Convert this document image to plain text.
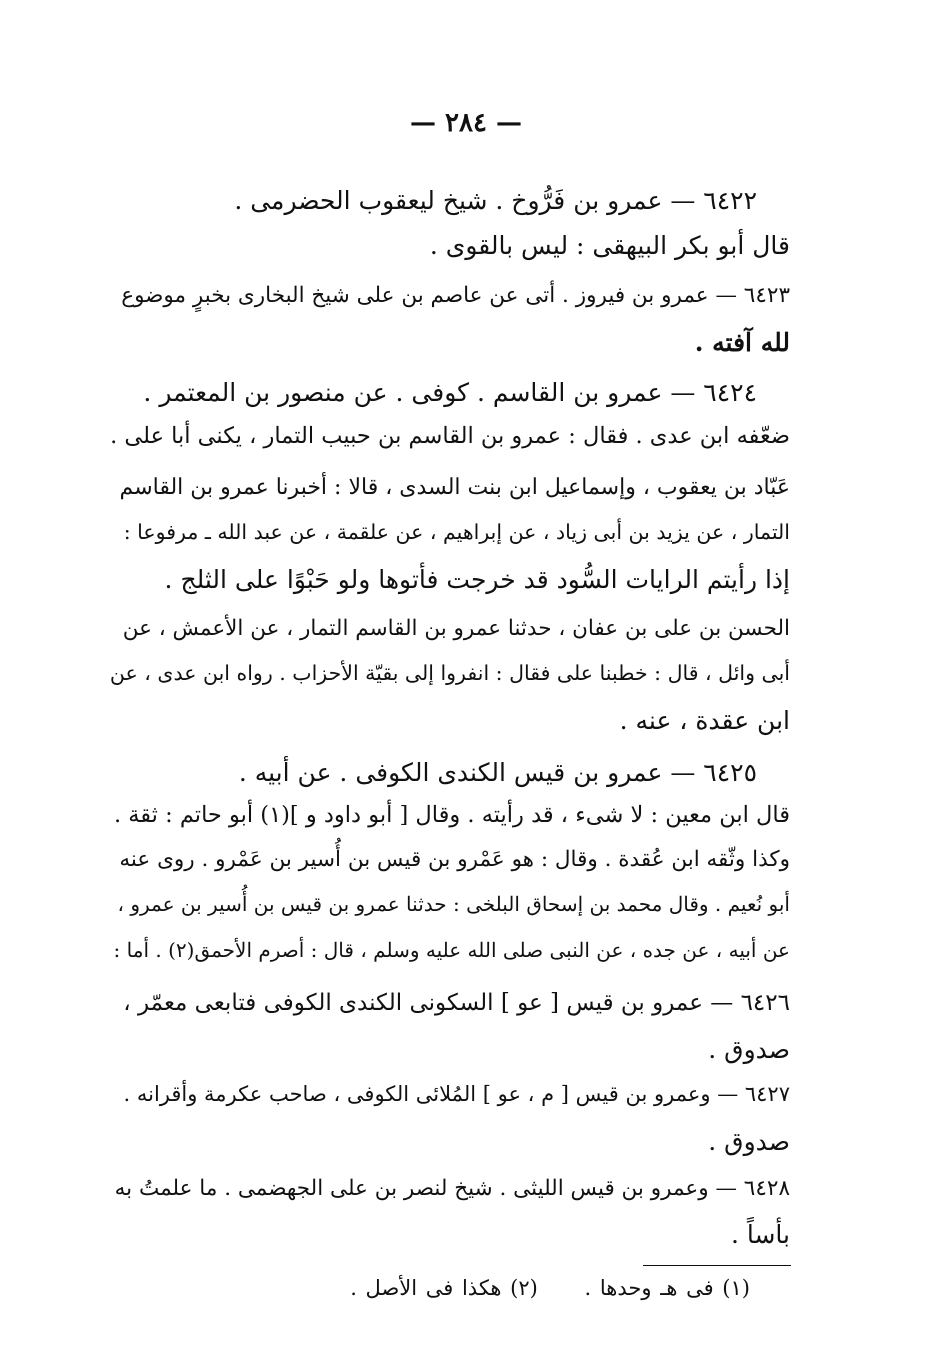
— ٢٨٤ —
٦٤٢٢ — عمرو بن فَرُّوخ . شيخ ليعقوب الحضرمى .
قال أبو بكر البيهقى : ليس بالقوى .
٦٤٢٣ — عمرو بن فيروز . أتى عن عاصم بن على شيخ البخارى بخبرٍ موضوع
لله آفته .
٦٤٢٤ — عمرو بن القاسم . كوفى . عن منصور بن المعتمر .
ضعّفه ابن عدى . فقال : عمرو بن القاسم بن حبيب التمار ، يكنى أبا على .
عَبّاد بن يعقوب ، وإسماعيل ابن بنت السدى ، قالا : أخبرنا عمرو بن القاسم
التمار ، عن يزيد بن أبى زياد ، عن إبراهيم ، عن علقمة ، عن عبد الله ـ مرفوعا :
إذا رأيتم الرايات السُّود قد خرجت فأتوها ولو حَبْوًا على الثلج .
الحسن بن على بن عفان ، حدثنا عمرو بن القاسم التمار ، عن الأعمش ، عن
أبى وائل ، قال : خطبنا على فقال : انفروا إلى بقيّة الأحزاب . رواه ابن عدى ، عن
ابن عقدة ، عنه .
٦٤٢٥ — عمرو بن قيس الكندى الكوفى . عن أبيه .
قال ابن معين : لا شىء ، قد رأيته . وقال [ أبو داود و ](١) أبو حاتم : ثقة .
وكذا وثّقه ابن عُقدة . وقال : هو عَمْرو بن قيس بن أُسير بن عَمْرو . روى عنه
أبو نُعيم . وقال محمد بن إسحاق البلخى : حدثنا عمرو بن قيس بن أُسير بن عمرو ،
عن أبيه ، عن جده ، عن النبى صلى الله عليه وسلم ، قال : أصرم الأحمق(٢) . أما :
٦٤٢٦ — عمرو بن قيس [ عو ] السكونى الكندى الكوفى فتابعى معمّر ،
صدوق .
٦٤٢٧ — وعمرو بن قيس [ م ، عو ] المُلائى الكوفى ، صاحب عكرمة وأقرانه .
صدوق .
٦٤٢٨ — وعمرو بن قيس الليثى . شيخ لنصر بن على الجهضمى . ما علمتُ به
بأساً .
(١) فى هـ وحدها . (٢) هكذا فى الأصل .
